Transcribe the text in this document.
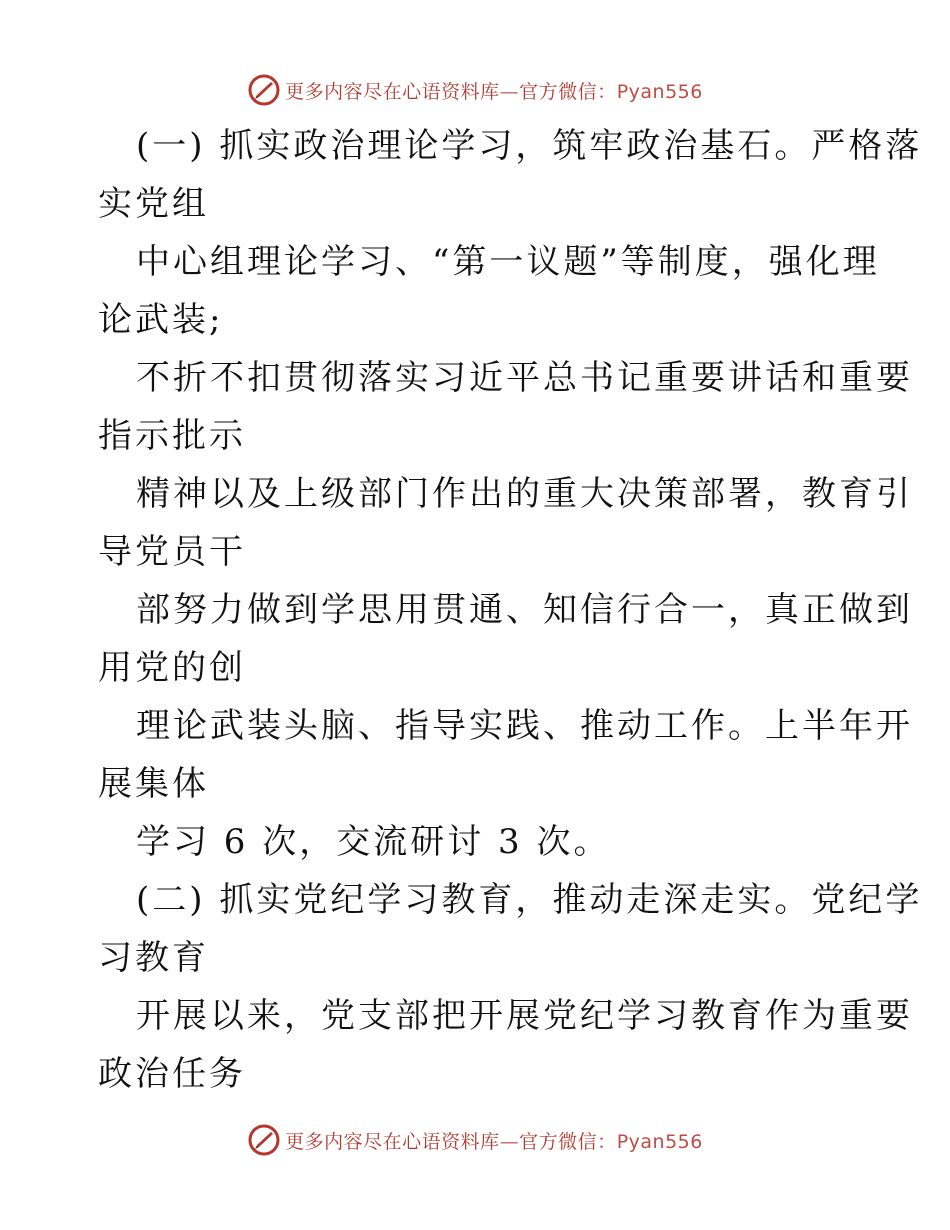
更多内容尽在心语资料库—官方微信：Pyan556
(一) 抓实政治理论学习，筑牢政治基石。严格落
实党组
中心组理论学习、“第一议题”等制度，强化理
论武装;
不折不扣贯彻落实习近平总书记重要讲话和重要
指示批示
精神以及上级部门作出的重大决策部署，教育引
导党员干
部努力做到学思用贯通、知信行合一，真正做到
用党的创
理论武装头脑、指导实践、推动工作。上半年开
展集体
学习 6 次，交流研讨 3 次。
(二) 抓实党纪学习教育，推动走深走实。党纪学
习教育
开展以来，党支部把开展党纪学习教育作为重要
政治任务
更多内容尽在心语资料库—官方微信：Pyan556
